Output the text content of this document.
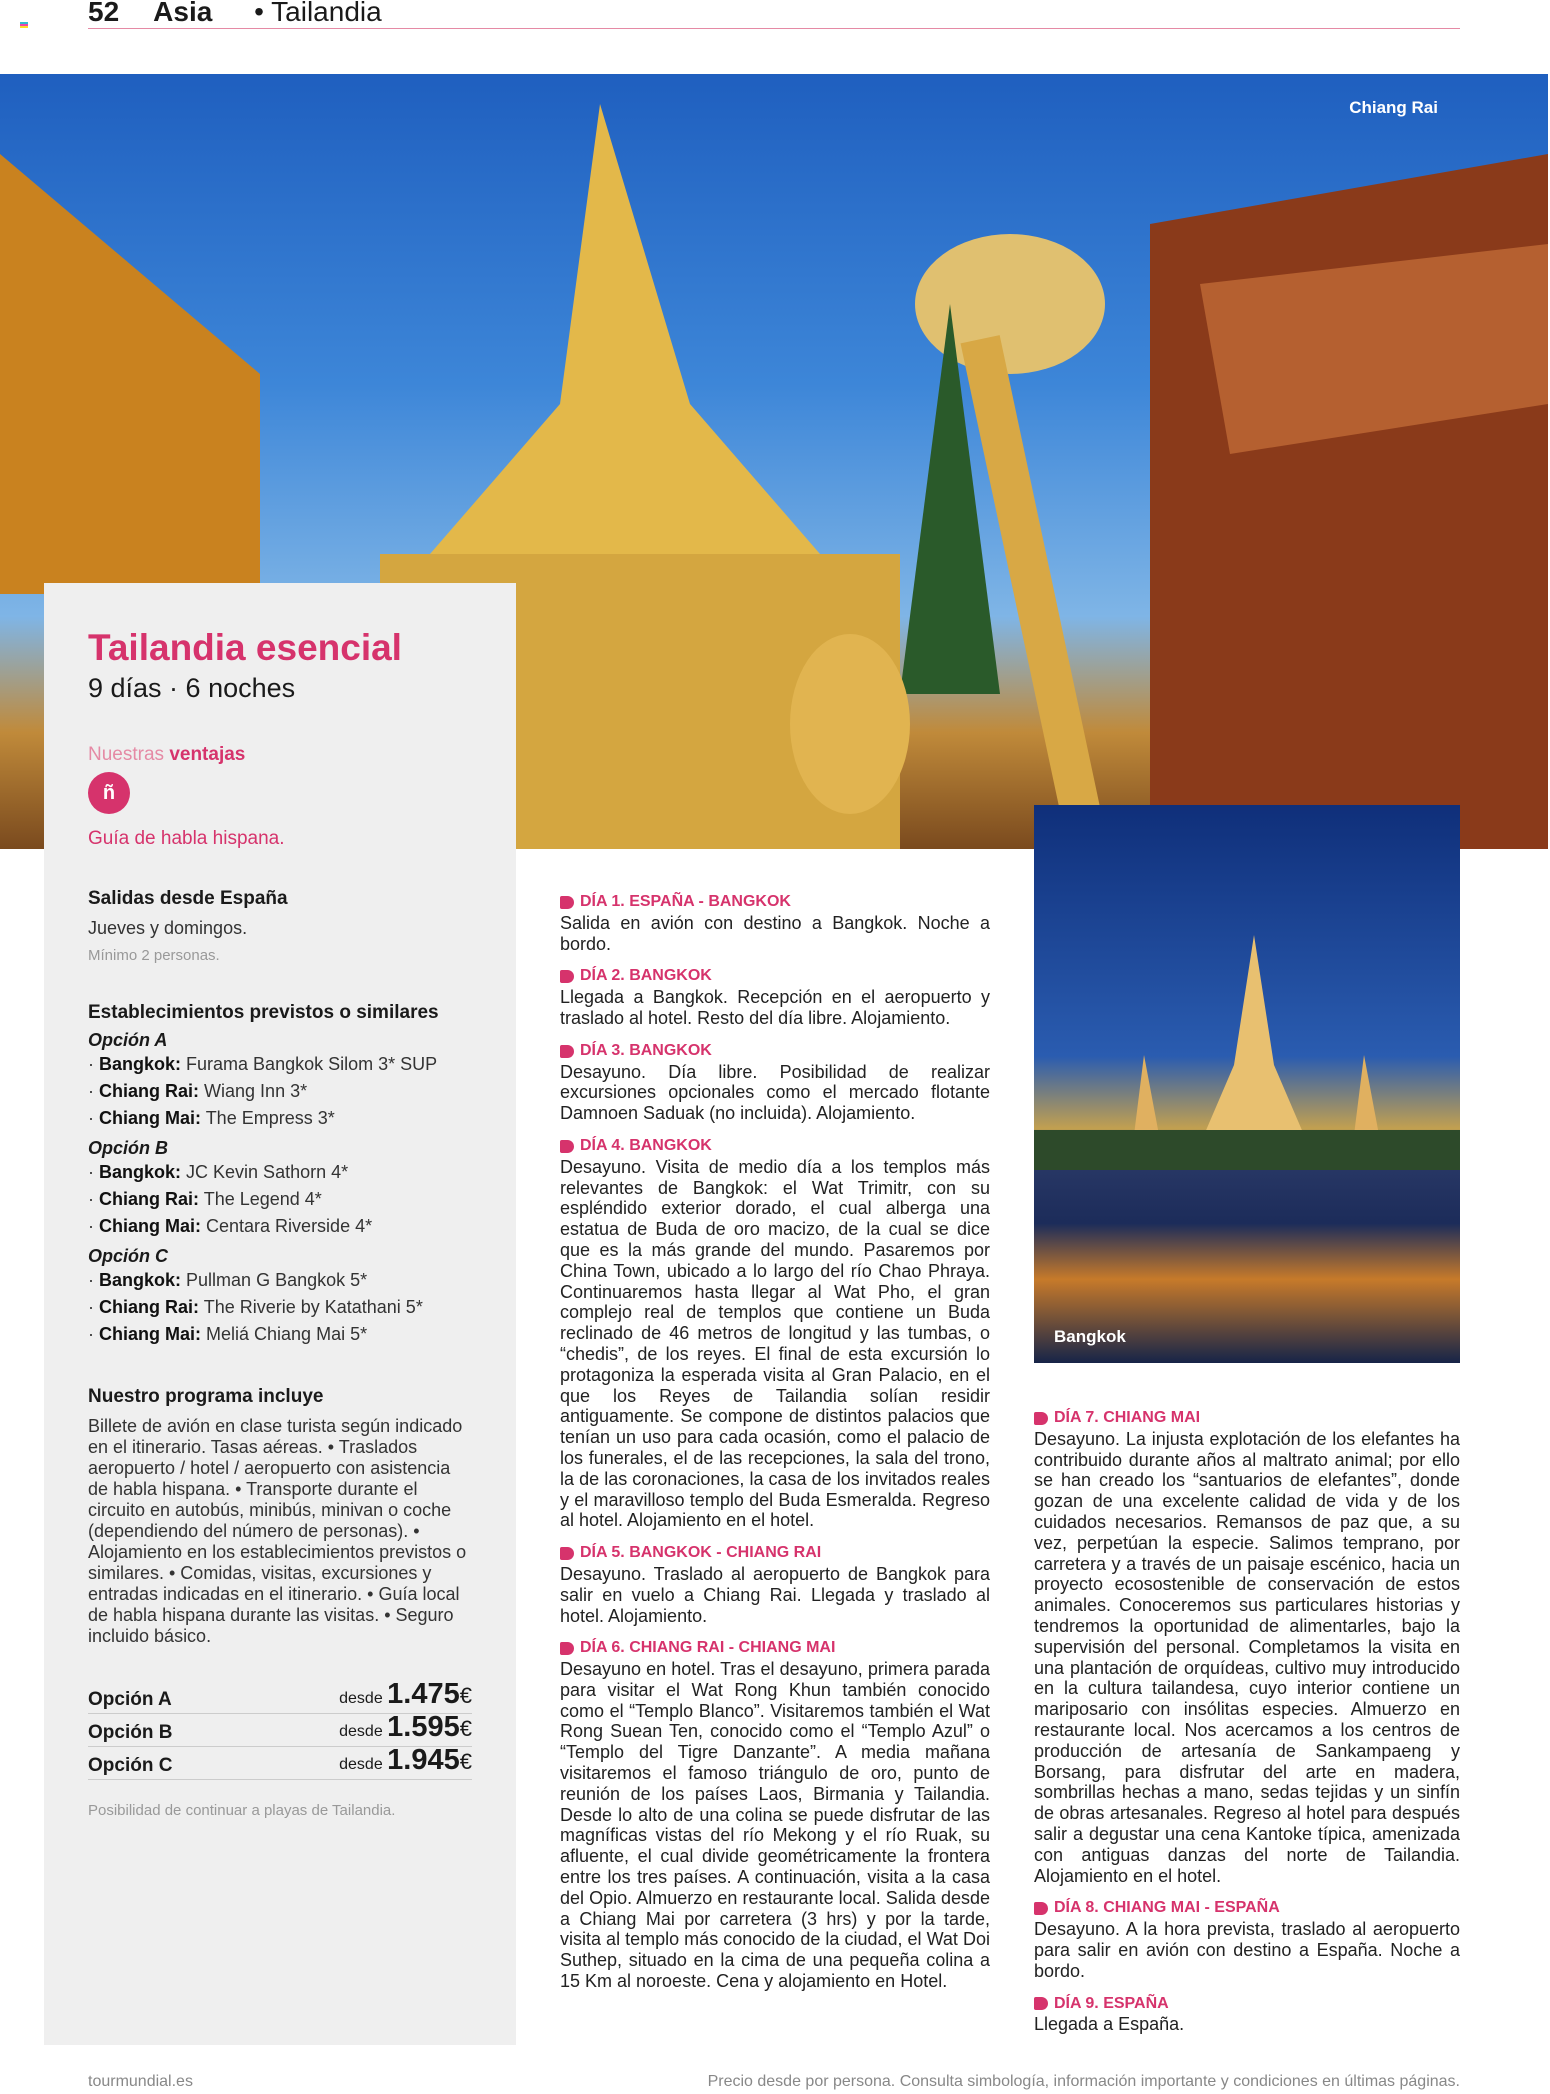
52 Asia • Tailandia
Chiang Rai
Tailandia esencial
9 días · 6 noches
Nuestras ventajas
ñ
Guía de habla hispana.
Salidas desde España
Jueves y domingos.
Mínimo 2 personas.
Establecimientos previstos o similares
Opción A
· Bangkok: Furama Bangkok Silom 3* SUP
· Chiang Rai: Wiang Inn 3*
· Chiang Mai: The Empress 3*
Opción B
· Bangkok: JC Kevin Sathorn 4*
· Chiang Rai: The Legend 4*
· Chiang Mai: Centara Riverside 4*
Opción C
· Bangkok: Pullman G Bangkok 5*
· Chiang Rai: The Riverie by Katathani 5*
· Chiang Mai: Meliá Chiang Mai 5*
Nuestro programa incluye
Billete de avión en clase turista según indicado en el itinerario. Tasas aéreas. • Traslados aeropuerto / hotel / aeropuerto con asistencia de habla hispana. • Transporte durante el circuito en autobús, minibús, minivan o coche (dependiendo del número de personas). • Alojamiento en los establecimientos previstos o similares. • Comidas, visitas, excursiones y entradas indicadas en el itinerario. • Guía local de habla hispana durante las visitas. • Seguro incluido básico.
Opción A	desde 1.475€
Opción B	desde 1.595€
Opción C	desde 1.945€
Posibilidad de continuar a playas de Tailandia.
DÍA 1. ESPAÑA - BANGKOK
Salida en avión con destino a Bangkok. Noche a bordo.
DÍA 2. BANGKOK
Llegada a Bangkok. Recepción en el aeropuerto y traslado al hotel. Resto del día libre. Alojamiento.
DÍA 3. BANGKOK
Desayuno. Día libre. Posibilidad de realizar excursiones opcionales como el mercado flotante Damnoen Saduak (no incluida). Alojamiento.
DÍA 4. BANGKOK
Desayuno. Visita de medio día a los templos más relevantes de Bangkok: el Wat Trimitr, con su espléndido exterior dorado, el cual alberga una estatua de Buda de oro macizo, de la cual se dice que es la más grande del mundo. Pasaremos por China Town, ubicado a lo largo del río Chao Phraya. Continuaremos hasta llegar al Wat Pho, el gran complejo real de templos que contiene un Buda reclinado de 46 metros de longitud y las tumbas, o “chedis”, de los reyes. El final de esta excursión lo protagoniza la esperada visita al Gran Palacio, en el que los Reyes de Tailandia solían residir antiguamente. Se compone de distintos palacios que tenían un uso para cada ocasión, como el palacio de los funerales, el de las recepciones, la sala del trono, la de las coronaciones, la casa de los invitados reales y el maravilloso templo del Buda Esmeralda. Regreso al hotel. Alojamiento en el hotel.
DÍA 5. BANGKOK - CHIANG RAI
Desayuno. Traslado al aeropuerto de Bangkok para salir en vuelo a Chiang Rai. Llegada y traslado al hotel. Alojamiento.
DÍA 6. CHIANG RAI - CHIANG MAI
Desayuno en hotel. Tras el desayuno, primera parada para visitar el Wat Rong Khun también conocido como el “Templo Blanco”. Visitaremos también el Wat Rong Suean Ten, conocido como el “Templo Azul” o “Templo del Tigre Danzante”. A media mañana visitaremos el famoso triángulo de oro, punto de reunión de los países Laos, Birmania y Tailandia. Desde lo alto de una colina se puede disfrutar de las magníficas vistas del río Mekong y el río Ruak, su afluente, el cual divide geométricamente la frontera entre los tres países. A continuación, visita a la casa del Opio. Almuerzo en restaurante local. Salida desde a Chiang Mai por carretera (3 hrs) y por la tarde, visita al templo más conocido de la ciudad, el Wat Doi Suthep, situado en la cima de una pequeña colina a 15 Km al noroeste. Cena y alojamiento en Hotel.
Bangkok
DÍA 7. CHIANG MAI
Desayuno. La injusta explotación de los elefantes ha contribuido durante años al maltrato animal; por ello se han creado los “santuarios de elefantes”, donde gozan de una excelente calidad de vida y de los cuidados necesarios. Remansos de paz que, a su vez, perpetúan la especie. Salimos temprano, por carretera y a través de un paisaje escénico, hacia un proyecto ecosostenible de conservación de estos animales. Conoceremos sus particulares historias y tendremos la oportunidad de alimentarles, bajo la supervisión del personal. Completamos la visita en una plantación de orquídeas, cultivo muy introducido en la cultura tailandesa, cuyo interior contiene un mariposario con insólitas especies. Almuerzo en restaurante local. Nos acercamos a los centros de producción de artesanía de Sankampaeng y Borsang, para disfrutar del arte en madera, sombrillas hechas a mano, sedas tejidas y un sinfín de obras artesanales. Regreso al hotel para después salir a degustar una cena Kantoke típica, amenizada con antiguas danzas del norte de Tailandia. Alojamiento en el hotel.
DÍA 8. CHIANG MAI - ESPAÑA
Desayuno. A la hora prevista, traslado al aeropuerto para salir en avión con destino a España. Noche a bordo.
DÍA 9. ESPAÑA
Llegada a España.
tourmundial.es	Precio desde por persona. Consulta simbología, información importante y condiciones en últimas páginas.
